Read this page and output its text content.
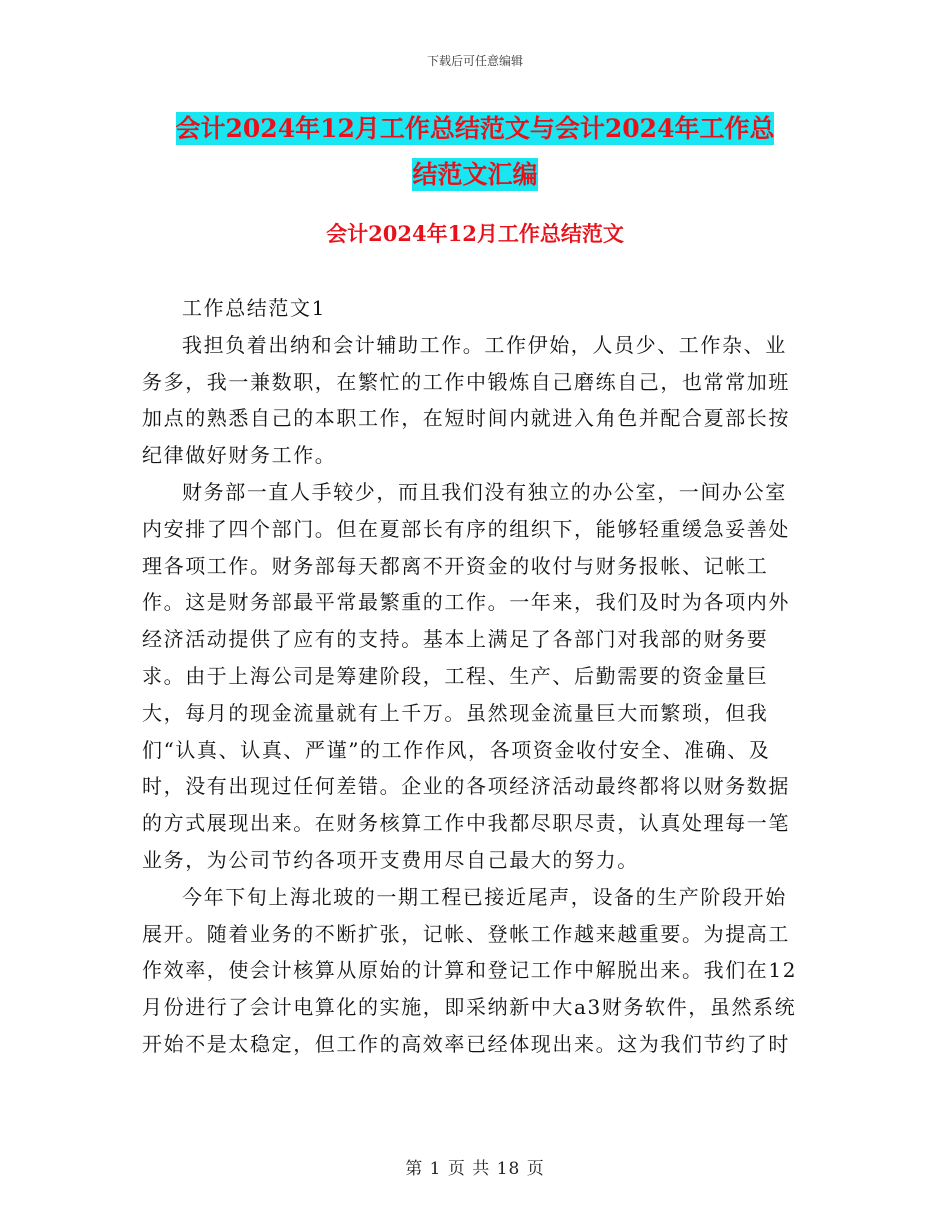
下载后可任意编辑
会计2024年12月工作总结范文与会计2024年工作总
结范文汇编
会计2024年12月工作总结范文

工作总结范文1

我担负着出纳和会计辅助工作。工作伊始，人员少、工作杂、业务多，我一兼数职，在繁忙的工作中锻炼自己磨练自己，也常常加班加点的熟悉自己的本职工作，在短时间内就进入角色并配合夏部长按纪律做好财务工作。

财务部一直人手较少，而且我们没有独立的办公室，一间办公室内安排了四个部门。但在夏部长有序的组织下，能够轻重缓急妥善处理各项工作。财务部每天都离不开资金的收付与财务报帐、记帐工作。这是财务部最平常最繁重的工作。一年来，我们及时为各项内外经济活动提供了应有的支持。基本上满足了各部门对我部的财务要求。由于上海公司是筹建阶段，工程、生产、后勤需要的资金量巨大，每月的现金流量就有上千万。虽然现金流量巨大而繁琐，但我们“认真、认真、严谨”的工作作风，各项资金收付安全、准确、及时，没有出现过任何差错。企业的各项经济活动最终都将以财务数据的方式展现出来。在财务核算工作中我都尽职尽责，认真处理每一笔业务，为公司节约各项开支费用尽自己最大的努力。

今年下旬上海北玻的一期工程已接近尾声，设备的生产阶段开始展开。随着业务的不断扩张，记帐、登帐工作越来越重要。为提高工作效率，使会计核算从原始的计算和登记工作中解脱出来。我们在12月份进行了会计电算化的实施，即采纳新中大a3财务软件，虽然系统开始不是太稳定，但工作的高效率已经体现出来。这为我们节约了时

第 1 页 共 18 页
